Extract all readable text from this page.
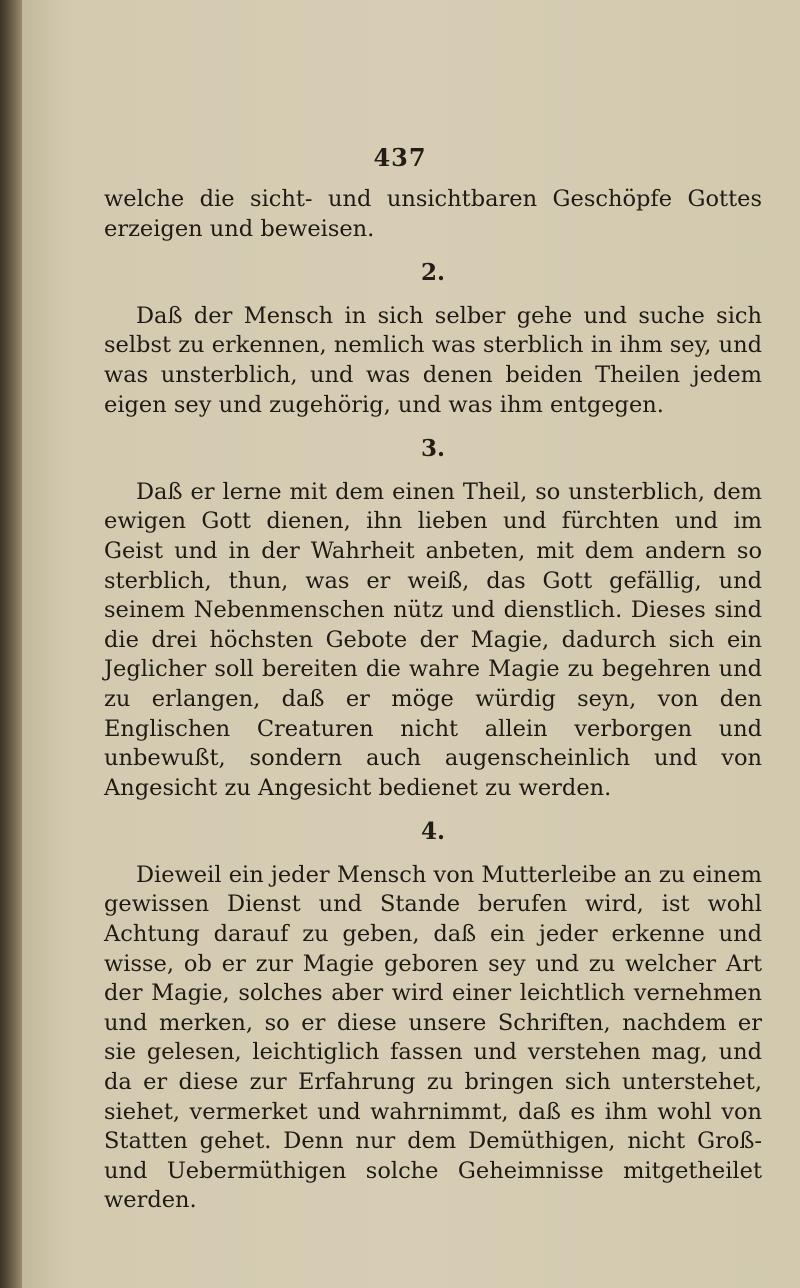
437

welche die sicht- und unsichtbaren Geschöpfe Gottes erzeigen und beweisen.

2.

Daß der Mensch in sich selber gehe und suche sich selbst zu erkennen, nemlich was sterblich in ihm sey, und was unsterblich, und was denen beiden Theilen jedem eigen sey und zugehörig, und was ihm entgegen.

3.

Daß er lerne mit dem einen Theil, so unsterblich, dem ewigen Gott dienen, ihn lieben und fürchten und im Geist und in der Wahrheit anbeten, mit dem andern so sterblich, thun, was er weiß, das Gott gefällig, und seinem Nebenmenschen nütz und dienstlich. Dieses sind die drei höchsten Gebote der Magie, dadurch sich ein Jeglicher soll bereiten die wahre Magie zu begehren und zu erlangen, daß er möge würdig seyn, von den Englischen Creaturen nicht allein verborgen und unbewußt, sondern auch augenscheinlich und von Angesicht zu Angesicht bedienet zu werden.

4.

Dieweil ein jeder Mensch von Mutterleibe an zu einem gewissen Dienst und Stande berufen wird, ist wohl Achtung darauf zu geben, daß ein jeder erkenne und wisse, ob er zur Magie geboren sey und zu welcher Art der Magie, solches aber wird einer leichtlich vernehmen und merken, so er diese unsere Schriften, nachdem er sie gelesen, leichtiglich fassen und verstehen mag, und da er diese zur Erfahrung zu bringen sich unterstehet, siehet, vermerket und wahrnimmt, daß es ihm wohl von Statten gehet. Denn nur dem Demüthigen, nicht Groß- und Uebermüthigen solche Geheimnisse mitgetheilet werden.
